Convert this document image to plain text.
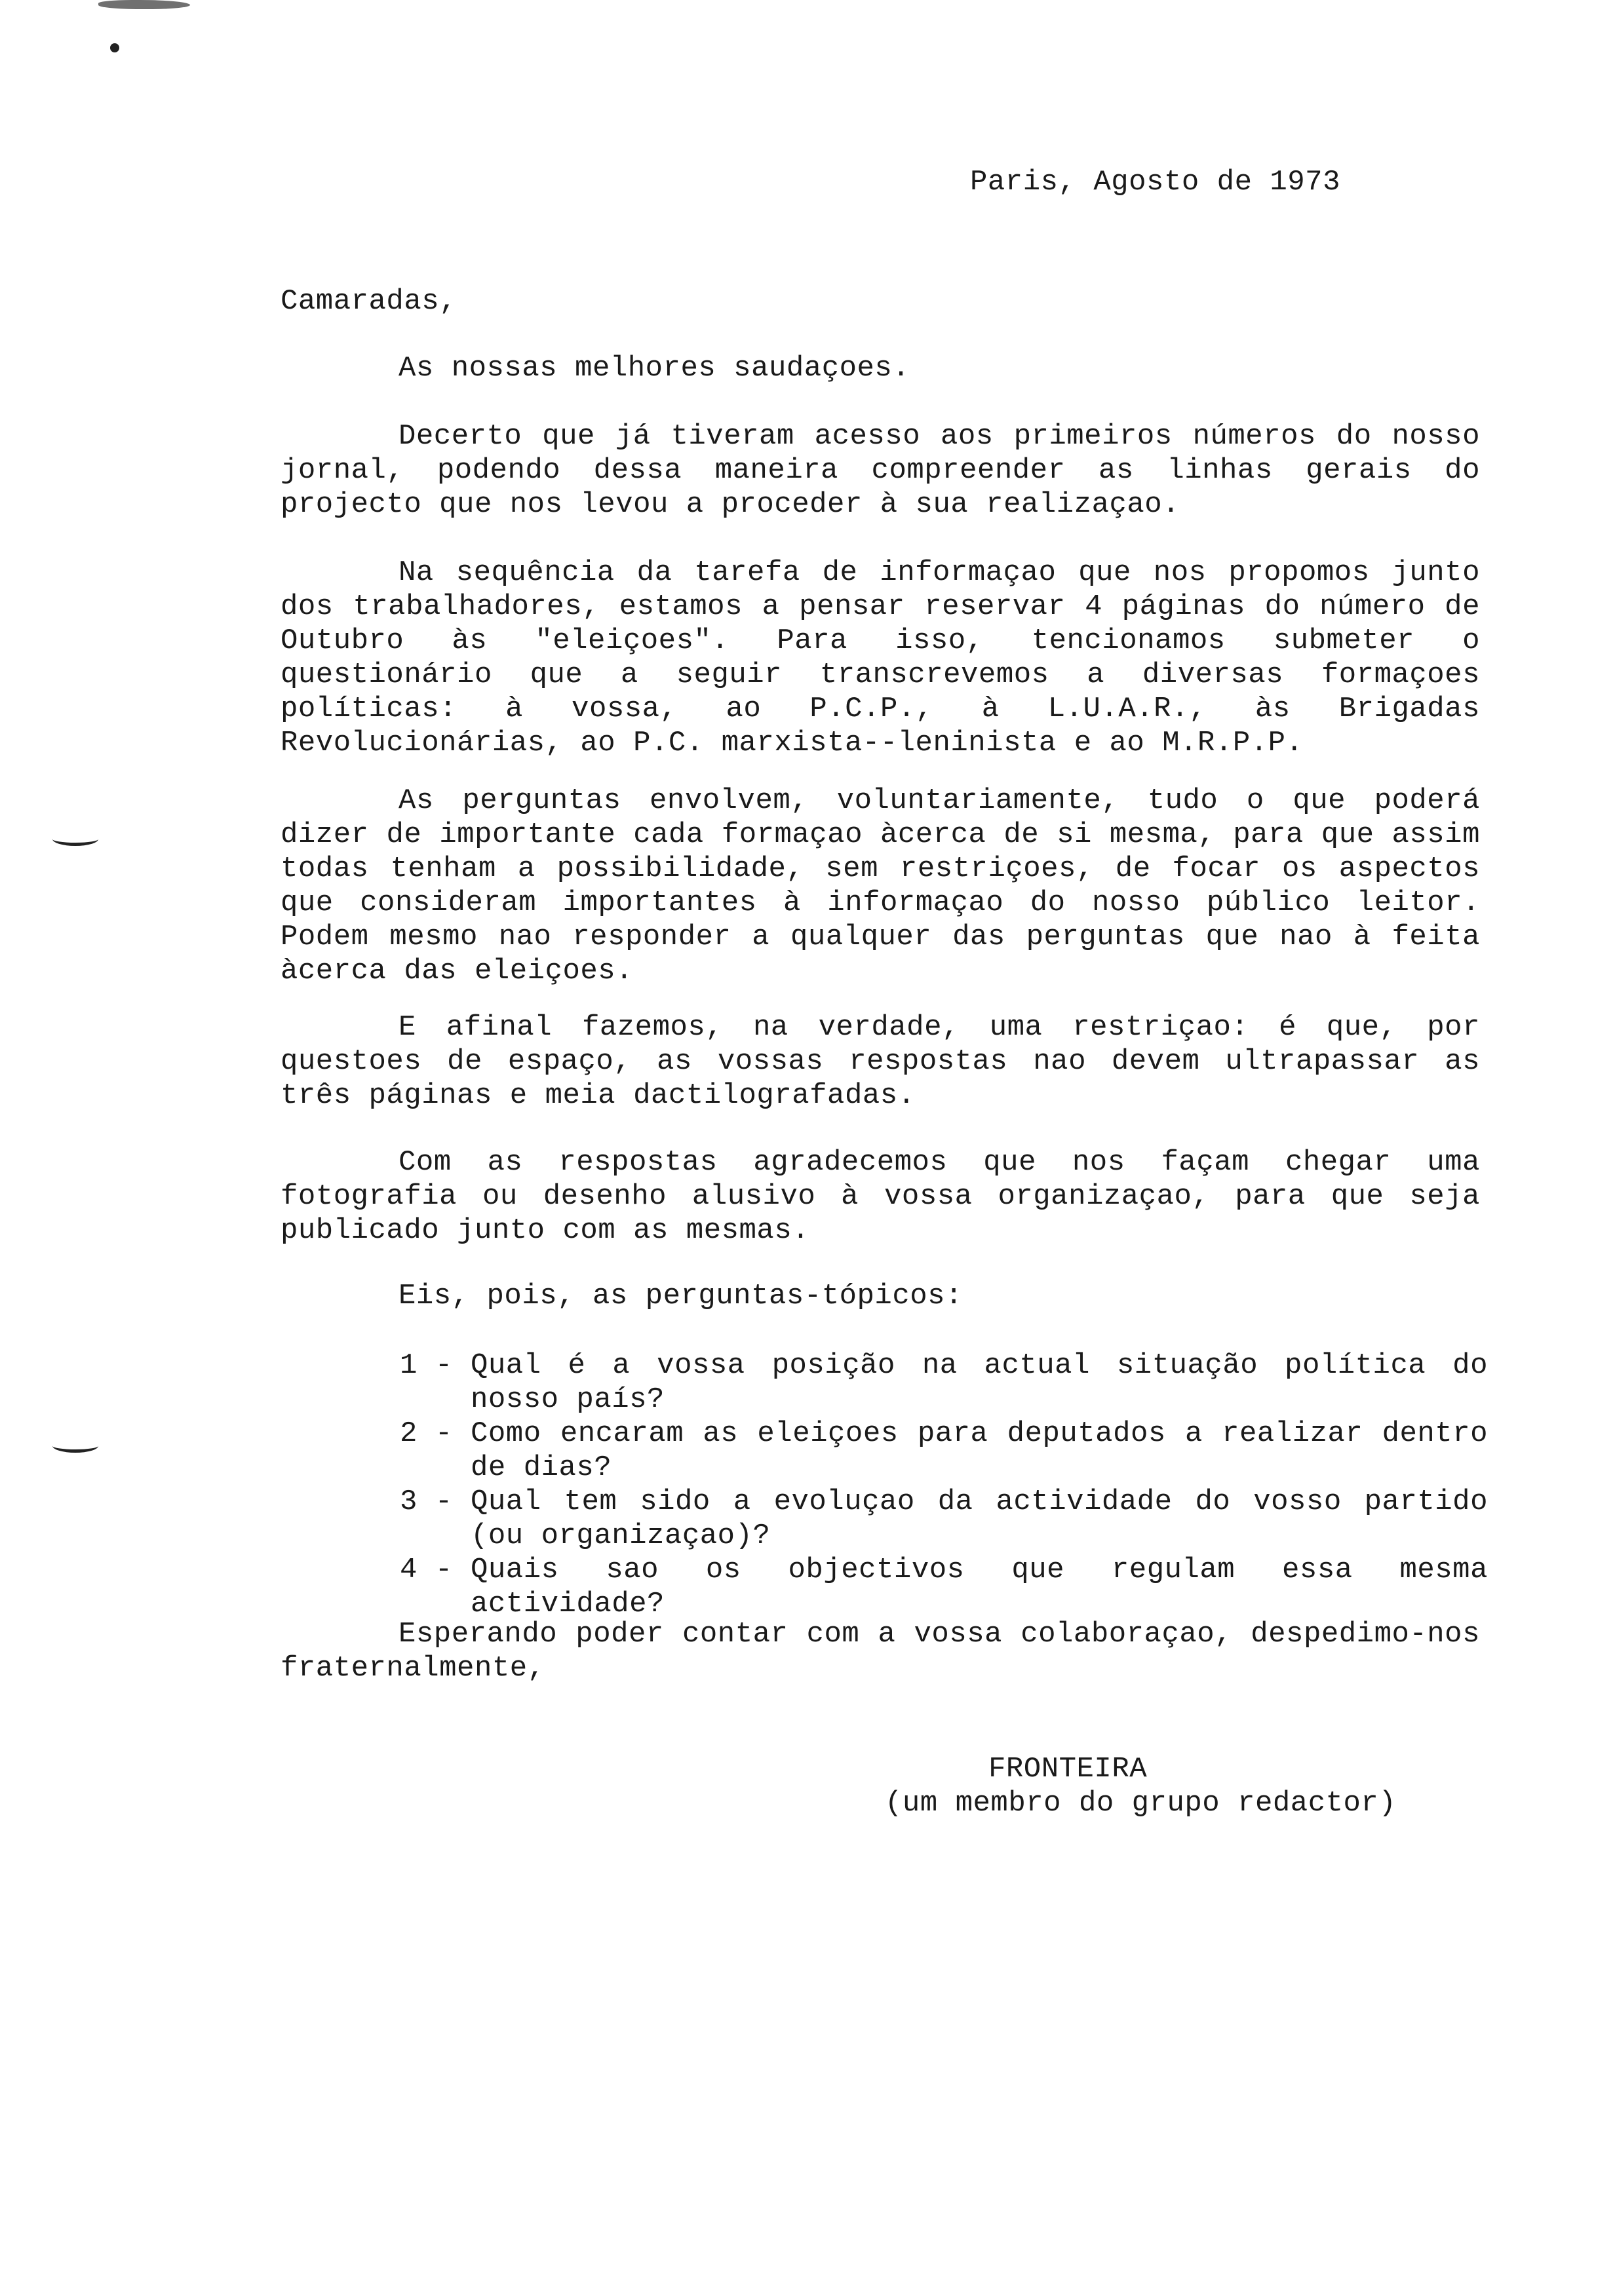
Paris, Agosto de 1973
Camaradas,

As nossas melhores saudaçoes.

Decerto que já tiveram acesso aos primeiros números do nosso jornal, podendo dessa maneira compreender as linhas gerais do projecto que nos levou a proceder à sua realizaçao.

Na sequência da tarefa de informaçao que nos propomos junto dos trabalhadores, estamos a pensar reservar 4 páginas do número de Outubro às "eleiçoes". Para isso, tencionamos submeter o questionário que a seguir transcrevemos a diversas formaçoes políticas: à vossa, ao P.C.P., à L.U.A.R., às Brigadas Revolucionárias, ao P.C. marxista--leninista e ao M.R.P.P.

As perguntas envolvem, voluntariamente, tudo o que poderá dizer de importante cada formaçao àcerca de si mesma, para que assim todas tenham a possibilidade, sem restriçoes, de focar os aspectos que consideram importantes à informaçao do nosso público leitor. Podem mesmo nao responder a qualquer das perguntas que nao à feita àcerca das eleiçoes.

E afinal fazemos, na verdade, uma restriçao: é que, por questoes de espaço, as vossas respostas nao devem ultrapassar as três páginas e meia dactilografadas.

Com as respostas agradecemos que nos façam chegar uma fotografia ou desenho alusivo à vossa organizaçao, para que seja publicado junto com as mesmas.

Eis, pois, as perguntas-tópicos:

1 - Qual é a vossa posição na actual situação política do nosso país?
2 - Como encaram as eleiçoes para deputados a realizar dentro de dias?
3 - Qual tem sido a evoluçao da actividade do vosso partido (ou organizaçao)?
4 - Quais sao os objectivos que regulam essa mesma actividade?

Esperando poder contar com a vossa colaboraçao, despedimo-nos fraternalmente,

FRONTEIRA
(um membro do grupo redactor)
